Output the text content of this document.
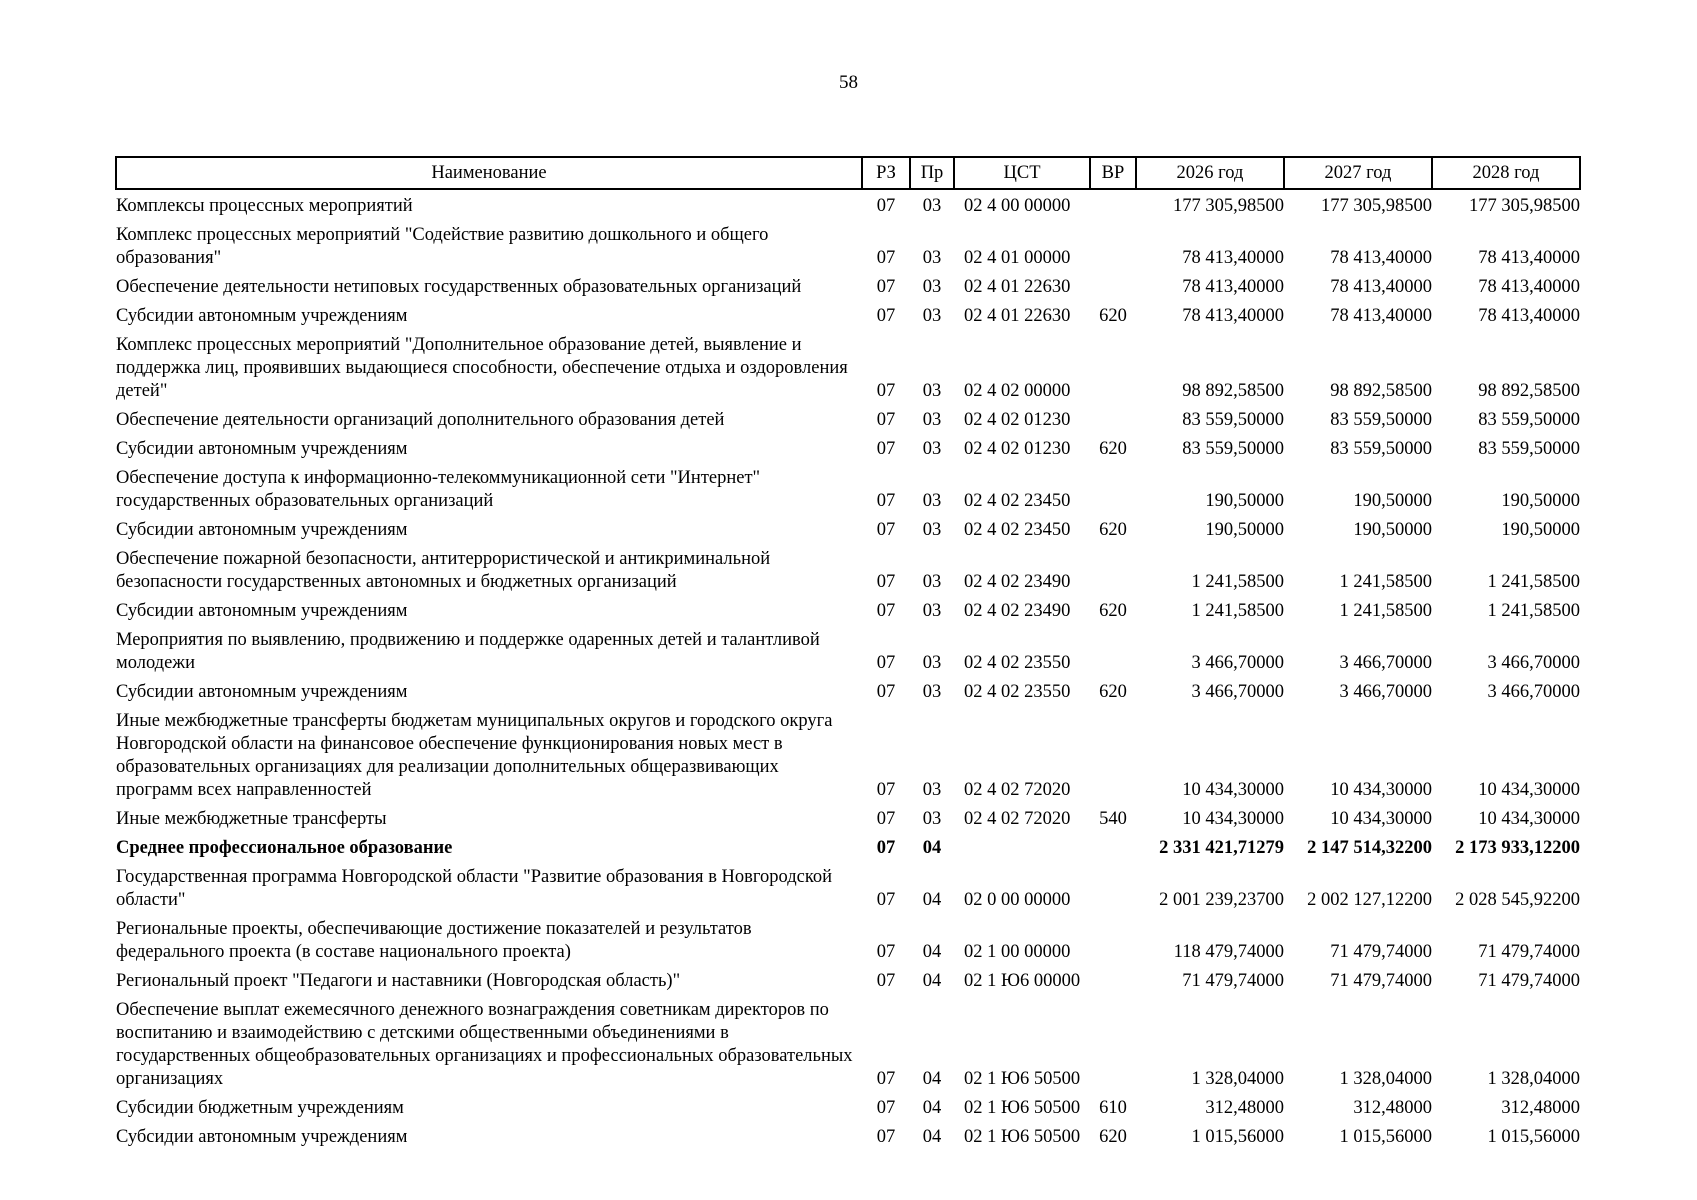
58
Наименование	РЗ	Пр	ЦСТ	ВР	2026 год	2027 год	2028 год
Комплексы процессных мероприятий	07	03	02 4 00 00000		177 305,98500	177 305,98500	177 305,98500
Комплекс процессных мероприятий "Содействие развитию дошкольного и общего образования"	07	03	02 4 01 00000		78 413,40000	78 413,40000	78 413,40000
Обеспечение деятельности нетиповых государственных образовательных организаций	07	03	02 4 01 22630		78 413,40000	78 413,40000	78 413,40000
Субсидии автономным учреждениям	07	03	02 4 01 22630	620	78 413,40000	78 413,40000	78 413,40000
Комплекс процессных мероприятий "Дополнительное образование детей, выявление и поддержка лиц, проявивших выдающиеся способности, обеспечение отдыха и оздоровления детей"	07	03	02 4 02 00000		98 892,58500	98 892,58500	98 892,58500
Обеспечение деятельности организаций дополнительного образования детей	07	03	02 4 02 01230		83 559,50000	83 559,50000	83 559,50000
Субсидии автономным учреждениям	07	03	02 4 02 01230	620	83 559,50000	83 559,50000	83 559,50000
Обеспечение доступа к информационно-телекоммуникационной сети "Интернет" государственных образовательных организаций	07	03	02 4 02 23450		190,50000	190,50000	190,50000
Субсидии автономным учреждениям	07	03	02 4 02 23450	620	190,50000	190,50000	190,50000
Обеспечение пожарной безопасности, антитеррористической и антикриминальной безопасности государственных автономных и бюджетных организаций	07	03	02 4 02 23490		1 241,58500	1 241,58500	1 241,58500
Субсидии автономным учреждениям	07	03	02 4 02 23490	620	1 241,58500	1 241,58500	1 241,58500
Мероприятия по выявлению, продвижению и поддержке одаренных детей и талантливой молодежи	07	03	02 4 02 23550		3 466,70000	3 466,70000	3 466,70000
Субсидии автономным учреждениям	07	03	02 4 02 23550	620	3 466,70000	3 466,70000	3 466,70000
Иные межбюджетные трансферты бюджетам муниципальных округов и городского округа Новгородской области на финансовое обеспечение функционирования новых мест в образовательных организациях для реализации дополнительных общеразвивающих программ всех направленностей	07	03	02 4 02 72020		10 434,30000	10 434,30000	10 434,30000
Иные межбюджетные трансферты	07	03	02 4 02 72020	540	10 434,30000	10 434,30000	10 434,30000
Среднее профессиональное образование	07	04			2 331 421,71279	2 147 514,32200	2 173 933,12200
Государственная программа Новгородской области "Развитие образования в Новгородской области"	07	04	02 0 00 00000		2 001 239,23700	2 002 127,12200	2 028 545,92200
Региональные проекты, обеспечивающие достижение показателей и результатов федерального проекта (в составе национального проекта)	07	04	02 1 00 00000		118 479,74000	71 479,74000	71 479,74000
Региональный проект "Педагоги и наставники (Новгородская область)"	07	04	02 1 Ю6 00000		71 479,74000	71 479,74000	71 479,74000
Обеспечение выплат ежемесячного денежного вознаграждения советникам директоров по воспитанию и взаимодействию с детскими общественными объединениями в государственных общеобразовательных организациях и профессиональных образовательных организациях	07	04	02 1 Ю6 50500		1 328,04000	1 328,04000	1 328,04000
Субсидии бюджетным учреждениям	07	04	02 1 Ю6 50500	610	312,48000	312,48000	312,48000
Субсидии автономным учреждениям	07	04	02 1 Ю6 50500	620	1 015,56000	1 015,56000	1 015,56000
